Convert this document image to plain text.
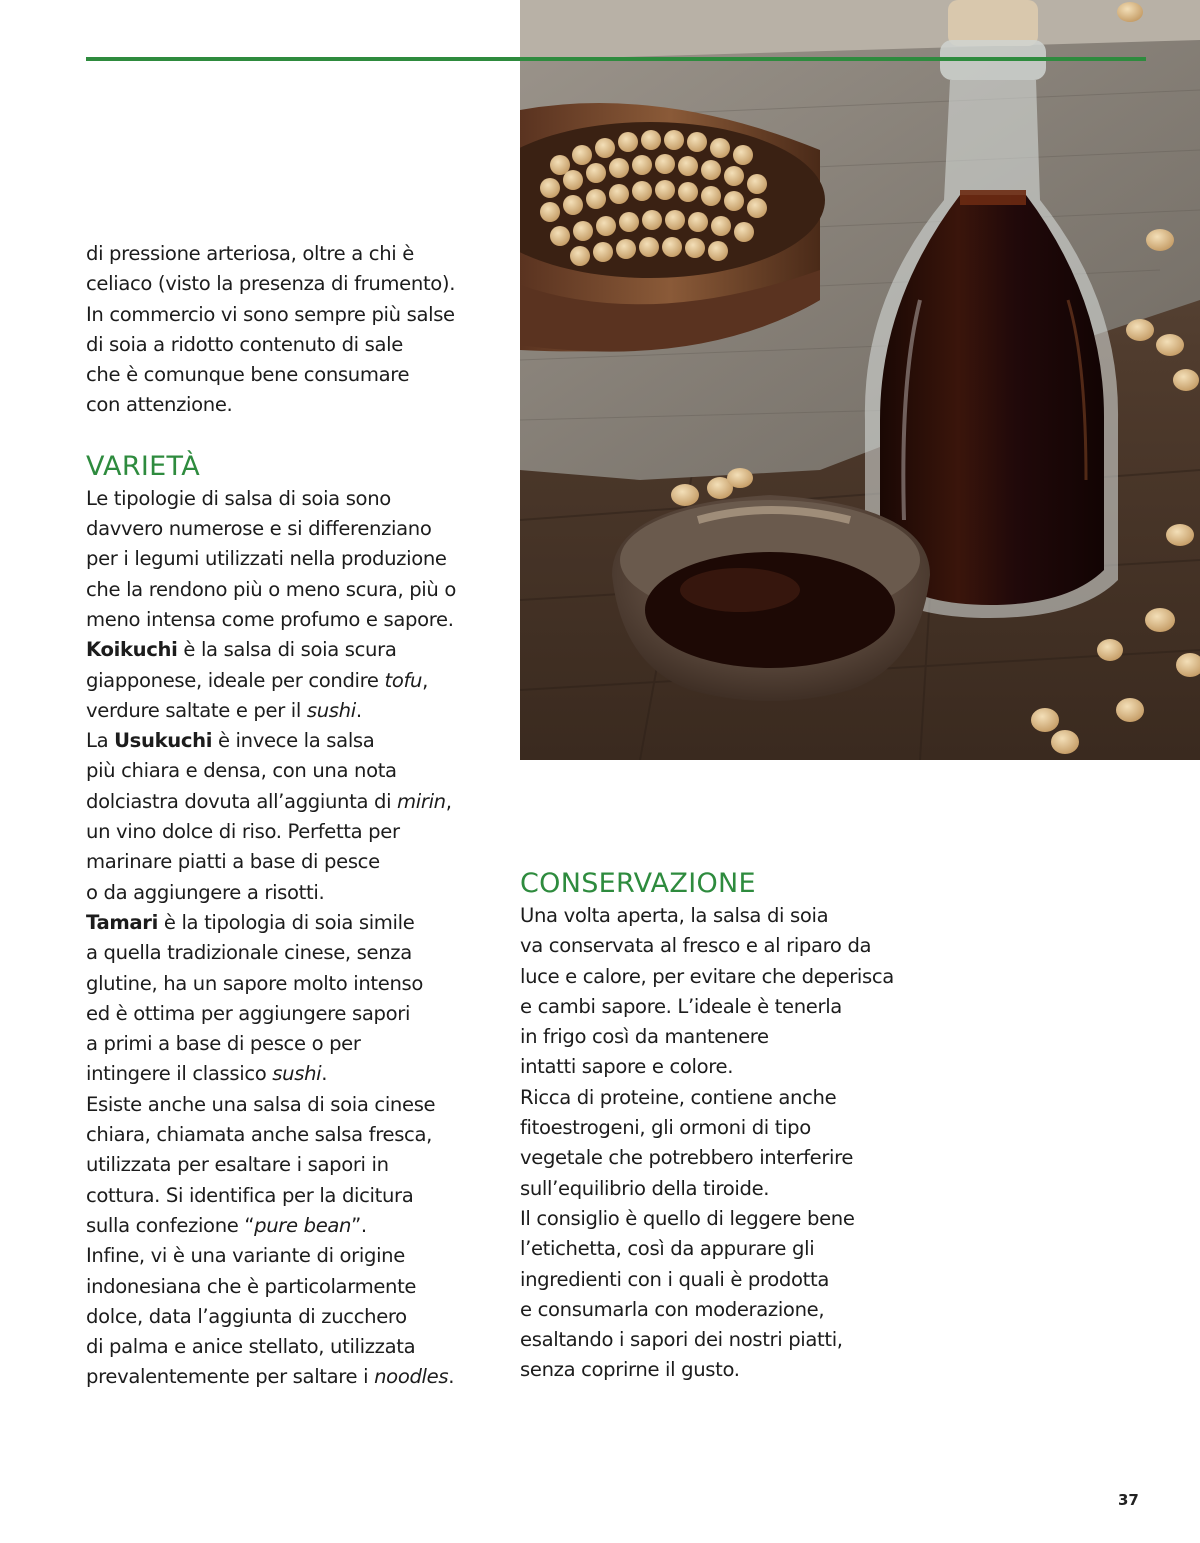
di pressione arteriosa, oltre a chi è
celiaco (visto la presenza di frumento).
In commercio vi sono sempre più salse
di soia a ridotto contenuto di sale
che è comunque bene consumare
con attenzione.

VARIETÀ

Le tipologie di salsa di soia sono
davvero numerose e si differenziano
per i legumi utilizzati nella produzione
che la rendono più o meno scura, più o
meno intensa come profumo e sapore.
Koikuchi è la salsa di soia scura
giapponese, ideale per condire tofu,
verdure saltate e per il sushi.
La Usukuchi è invece la salsa
più chiara e densa, con una nota
dolciastra dovuta all’aggiunta di mirin,
un vino dolce di riso. Perfetta per
marinare piatti a base di pesce
o da aggiungere a risotti.
Tamari è la tipologia di soia simile
a quella tradizionale cinese, senza
glutine, ha un sapore molto intenso
ed è ottima per aggiungere sapori
a primi a base di pesce o per
intingere il classico sushi.
Esiste anche una salsa di soia cinese
chiara, chiamata anche salsa fresca,
utilizzata per esaltare i sapori in
cottura. Si identifica per la dicitura
sulla confezione “pure bean”.
Infine, vi è una variante di origine
indonesiana che è particolarmente
dolce, data l’aggiunta di zucchero
di palma e anice stellato, utilizzata
prevalentemente per saltare i noodles.

CONSERVAZIONE

Una volta aperta, la salsa di soia
va conservata al fresco e al riparo da
luce e calore, per evitare che deperisca
e cambi sapore. L’ideale è tenerla
in frigo così da mantenere
intatti sapore e colore.
Ricca di proteine, contiene anche
fitoestrogeni, gli ormoni di tipo
vegetale che potrebbero interferire
sull’equilibrio della tiroide.
Il consiglio è quello di leggere bene
l’etichetta, così da appurare gli
ingredienti con i quali è prodotta
e consumarla con moderazione,
esaltando i sapori dei nostri piatti,
senza coprirne il gusto.

37
